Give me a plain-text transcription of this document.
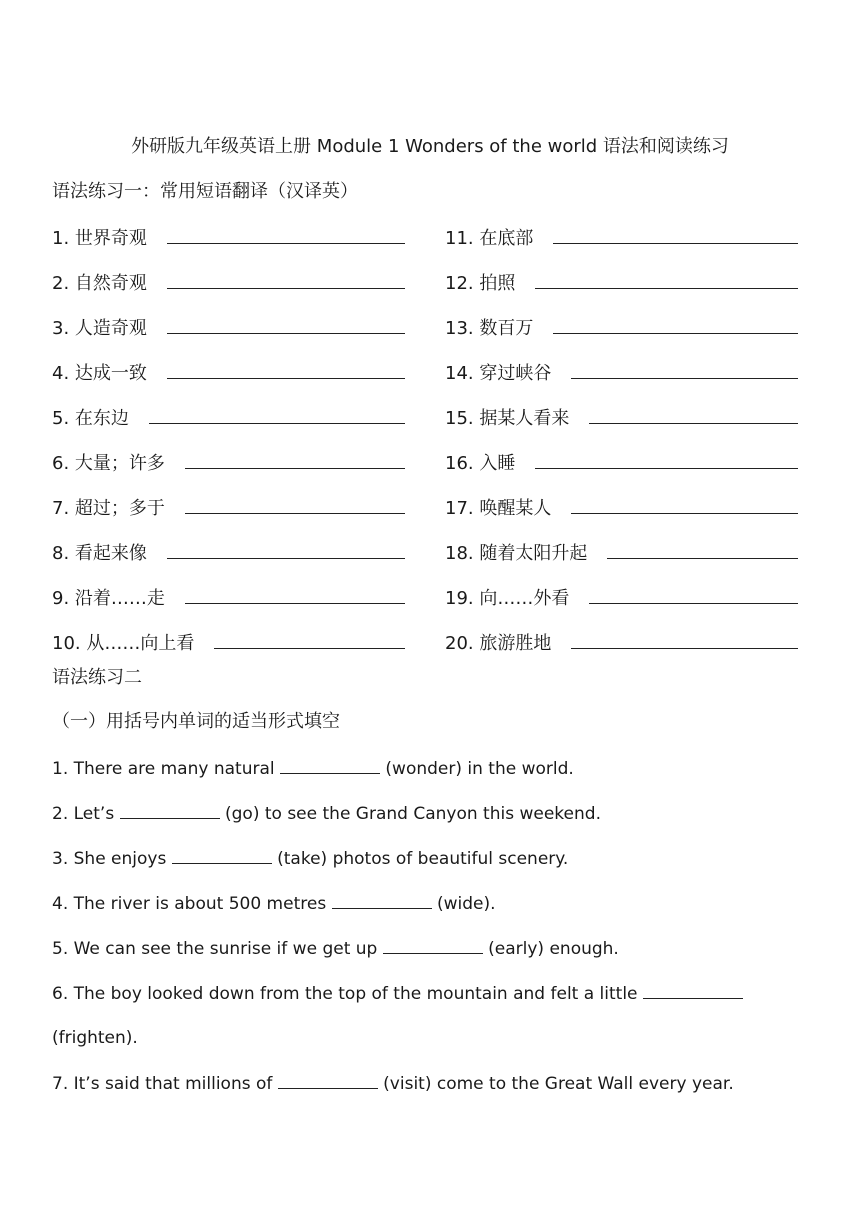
外研版九年级英语上册 Module 1 Wonders of the world 语法和阅读练习
语法练习一：常用短语翻译（汉译英）
1. 世界奇观
2. 自然奇观
3. 人造奇观
4. 达成一致
5. 在东边
6. 大量；许多
7. 超过；多于
8. 看起来像
9. 沿着……走
10. 从……向上看
11. 在底部
12. 拍照
13. 数百万
14. 穿过峡谷
15. 据某人看来
16. 入睡
17. 唤醒某人
18. 随着太阳升起
19. 向……外看
20. 旅游胜地
语法练习二
（一）用括号内单词的适当形式填空
1. There are many natural	(wonder) in the world.
2. Let’s	(go) to see the Grand Canyon this weekend.
3. She enjoys	(take) photos of beautiful scenery.
4. The river is about 500 metres	(wide).
5. We can see the sunrise if we get up	(early) enough.
6. The boy looked down from the top of the mountain and felt a little
(frighten).
7. It’s said that millions of	(visit) come to the Great Wall every year.
